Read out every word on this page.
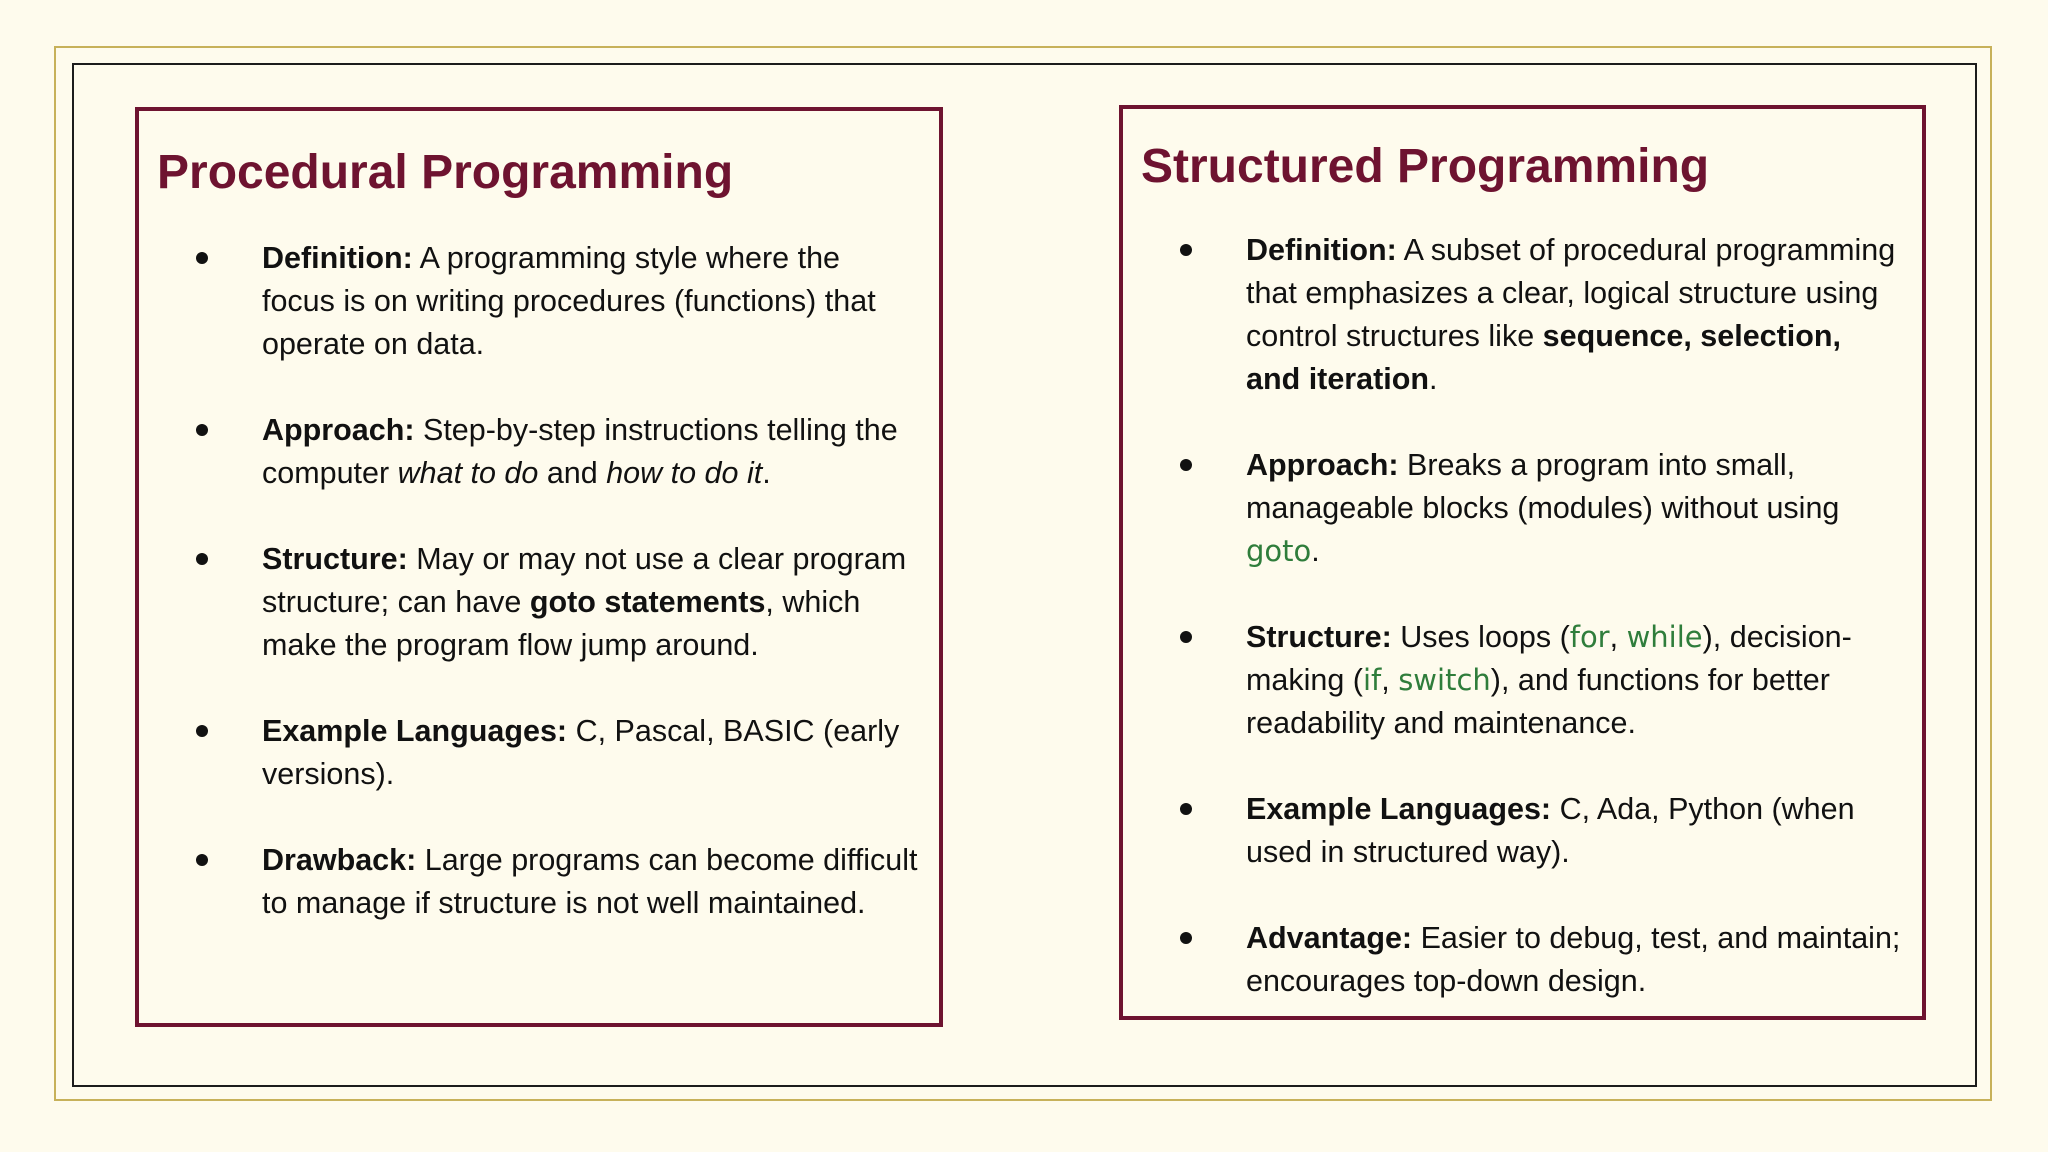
Procedural Programming
Definition: A programming style where the focus is on writing procedures (functions) that operate on data.
Approach: Step-by-step instructions telling the computer what to do and how to do it.
Structure: May or may not use a clear program structure; can have goto statements, which make the program flow jump around.
Example Languages: C, Pascal, BASIC (early versions).
Drawback: Large programs can become difficult to manage if structure is not well maintained.
Structured Programming
Definition: A subset of procedural programming that emphasizes a clear, logical structure using control structures like sequence, selection, and iteration.
Approach: Breaks a program into small, manageable blocks (modules) without using goto.
Structure: Uses loops (for, while), decision-making (if, switch), and functions for better readability and maintenance.
Example Languages: C, Ada, Python (when used in structured way).
Advantage: Easier to debug, test, and maintain; encourages top-down design.
